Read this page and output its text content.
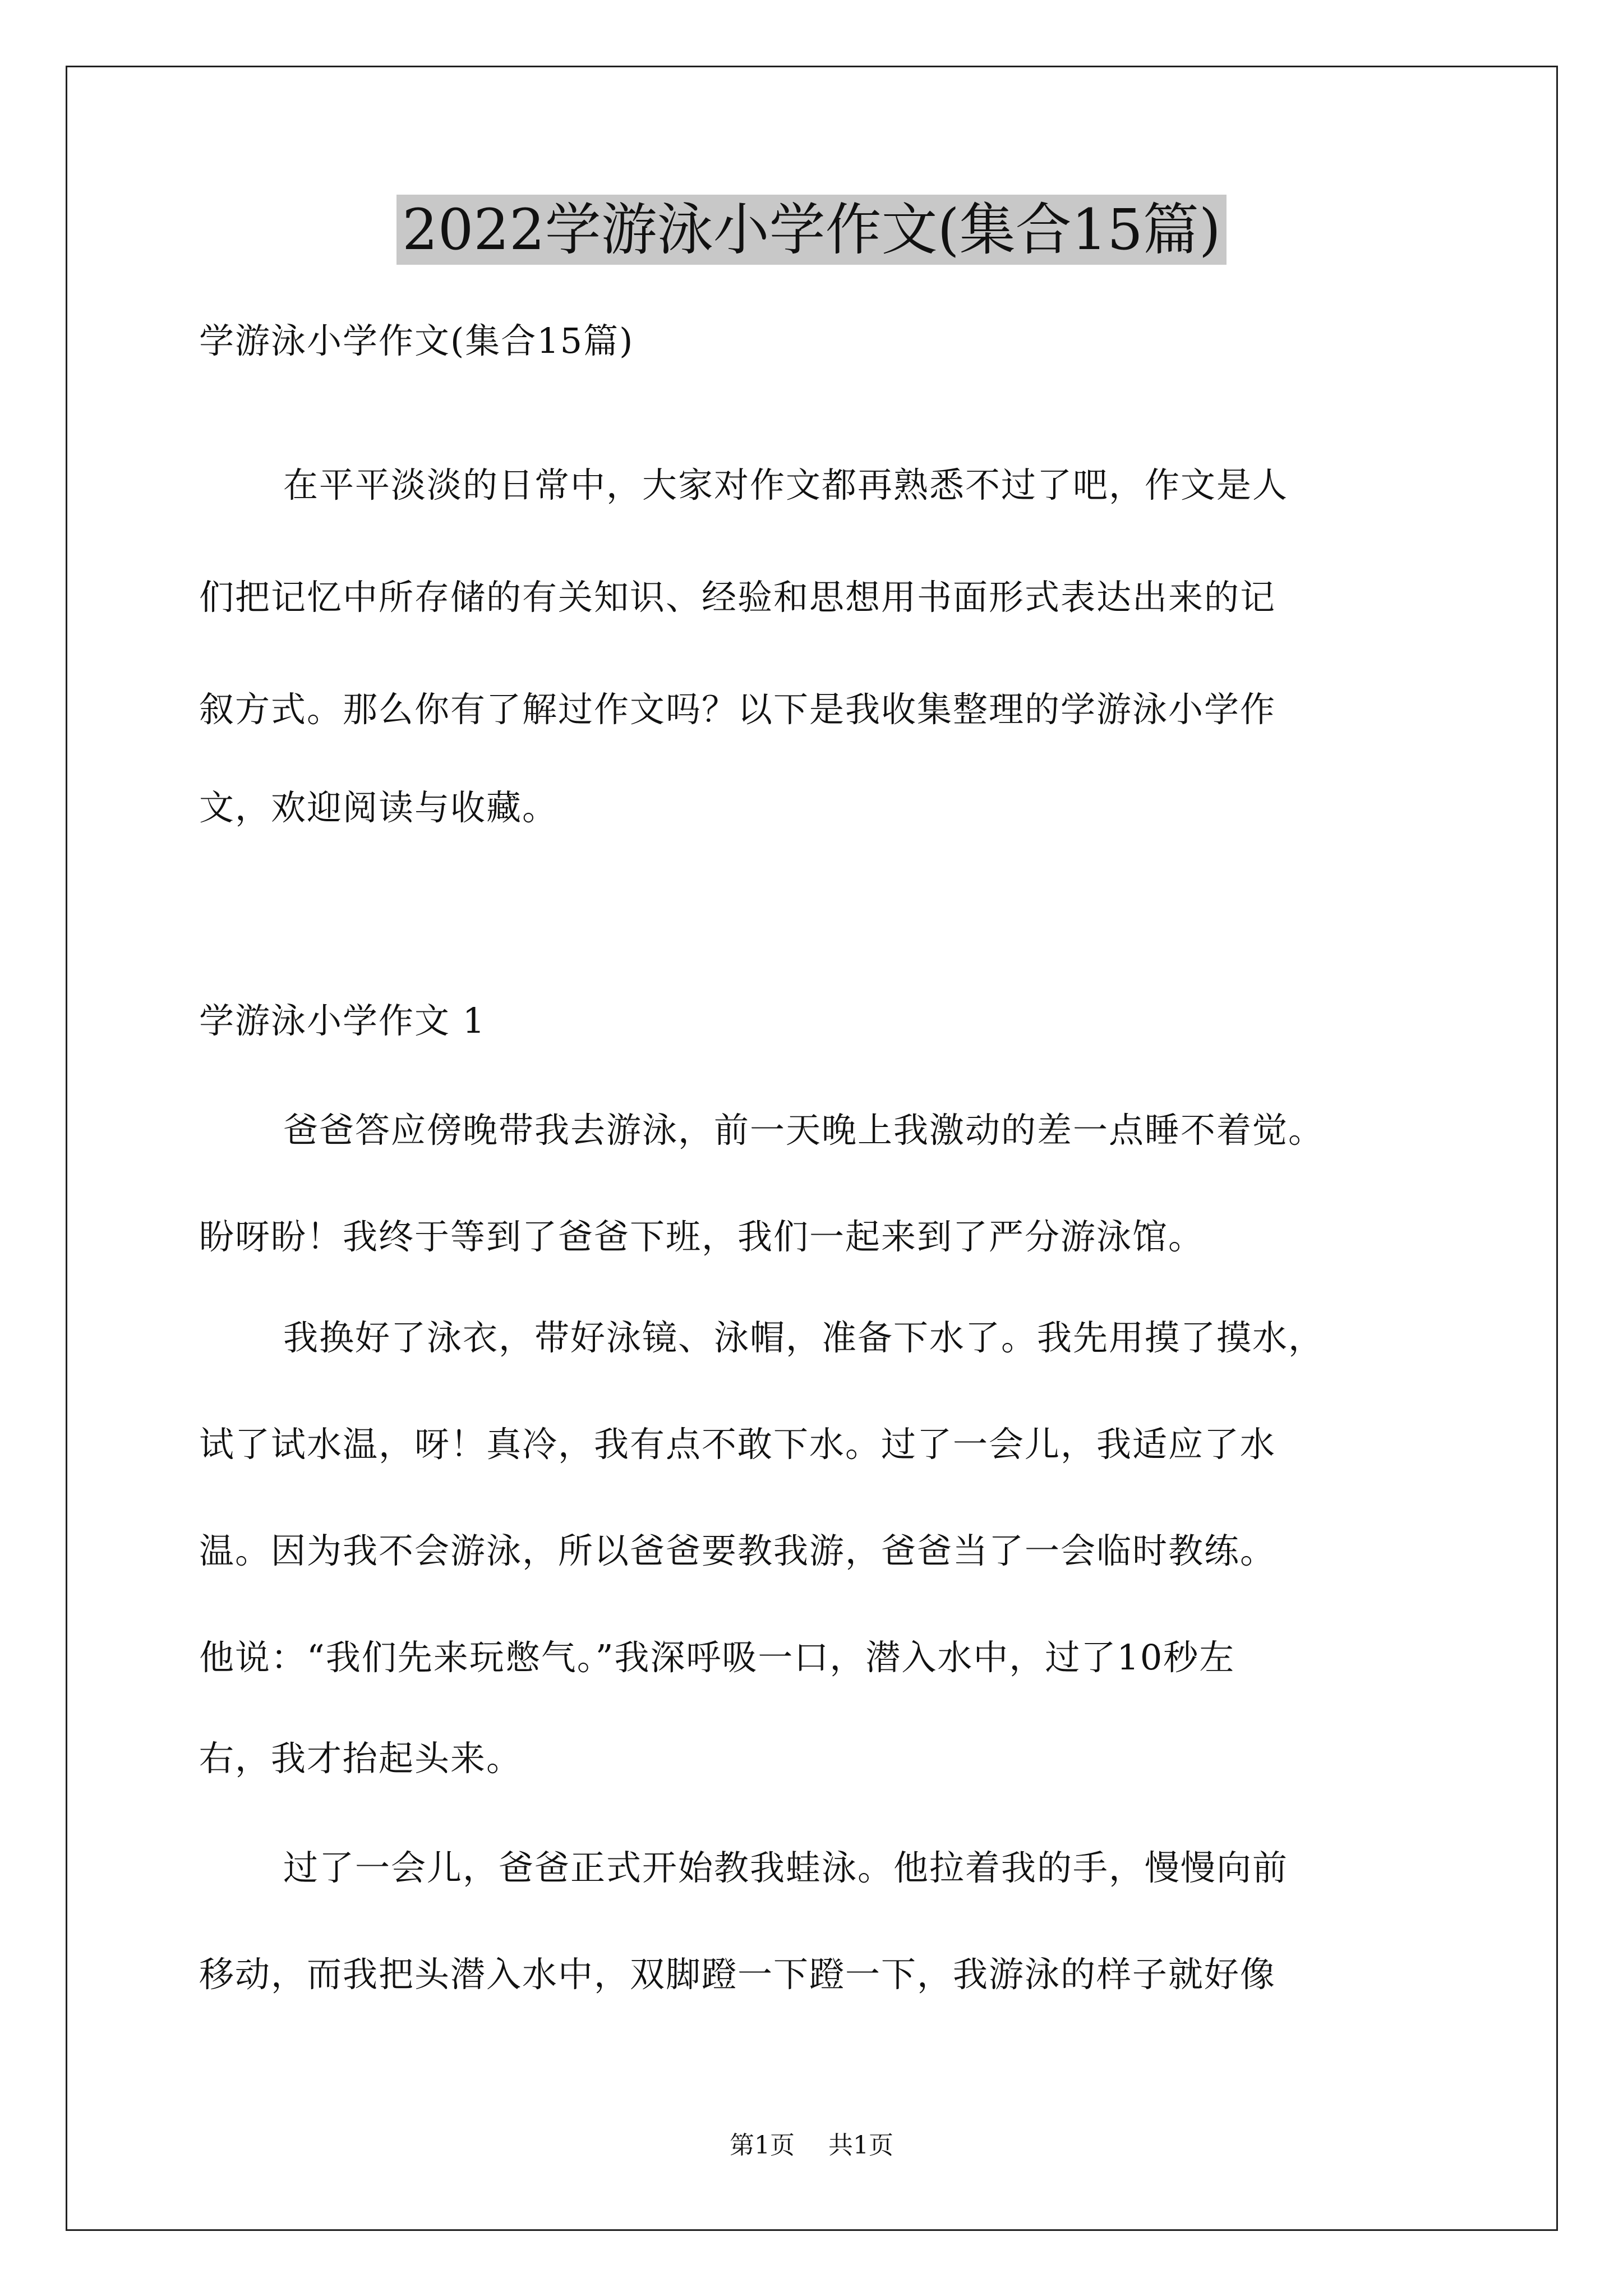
2022学游泳小学作文(集合15篇)
学游泳小学作文(集合15篇)
在平平淡淡的日常中，大家对作文都再熟悉不过了吧，作文是人
们把记忆中所存储的有关知识、经验和思想用书面形式表达出来的记
叙方式。那么你有了解过作文吗？以下是我收集整理的学游泳小学作
文，欢迎阅读与收藏。
学游泳小学作文 1
爸爸答应傍晚带我去游泳，前一天晚上我激动的差一点睡不着觉。
盼呀盼！我终于等到了爸爸下班，我们一起来到了严分游泳馆。
我换好了泳衣，带好泳镜、泳帽，准备下水了。我先用摸了摸水，
试了试水温，呀！真冷，我有点不敢下水。过了一会儿，我适应了水
温。因为我不会游泳，所以爸爸要教我游，爸爸当了一会临时教练。
他说：“我们先来玩憋气。”我深呼吸一口，潜入水中，过了10秒左
右，我才抬起头来。
过了一会儿，爸爸正式开始教我蛙泳。他拉着我的手，慢慢向前
移动，而我把头潜入水中，双脚蹬一下蹬一下，我游泳的样子就好像
第1页 共1页
